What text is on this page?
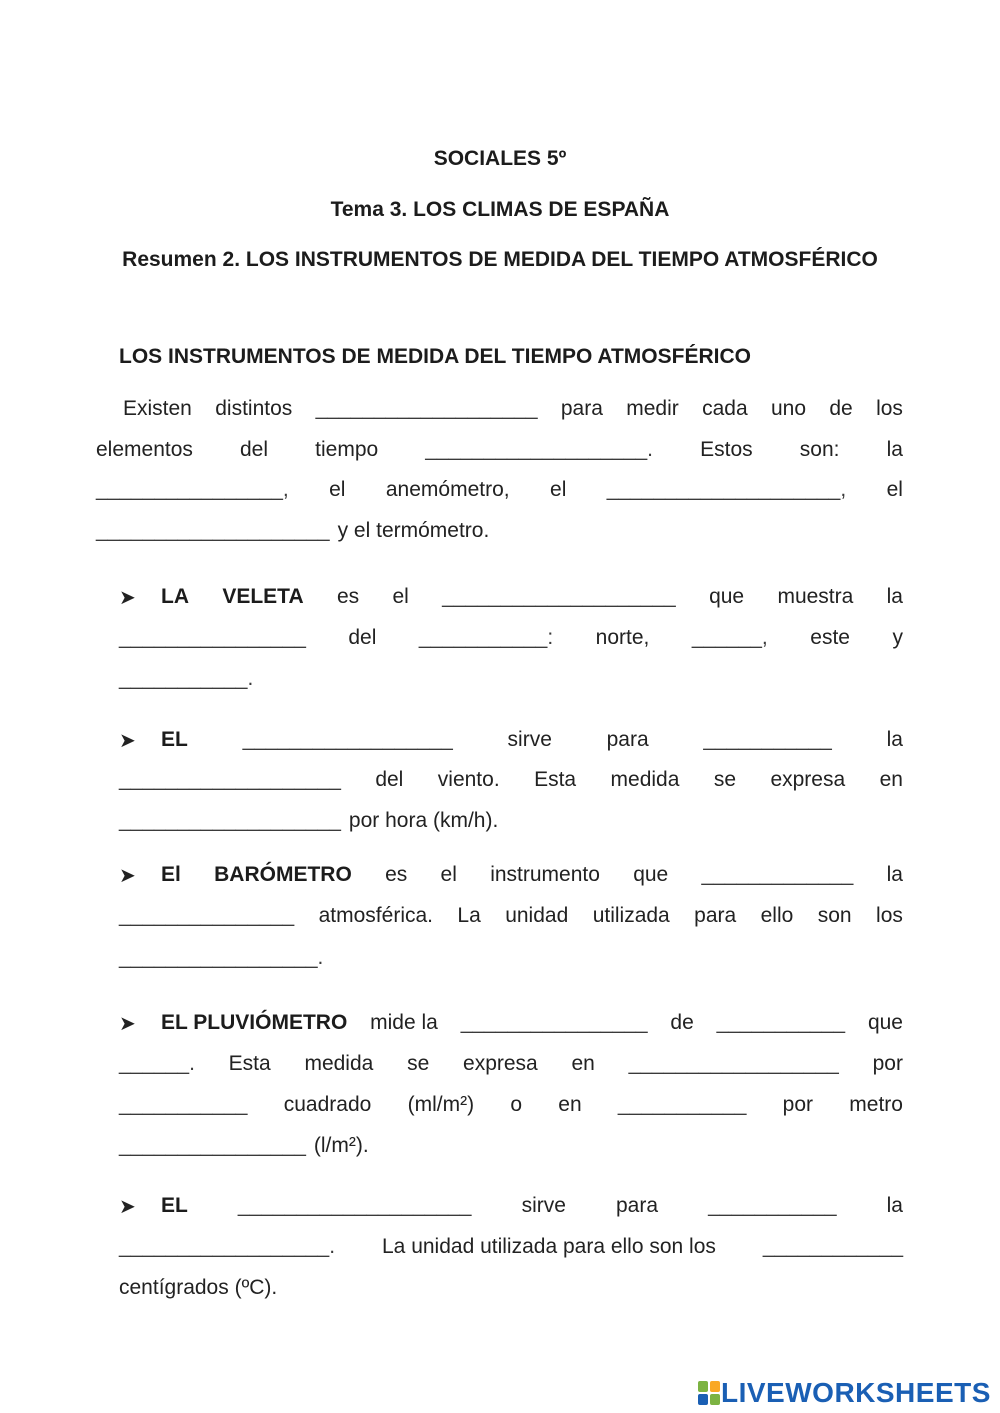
SOCIALES 5º
Tema 3. LOS CLIMAS DE ESPAÑA
Resumen 2. LOS INSTRUMENTOS DE MEDIDA DEL TIEMPO ATMOSFÉRICO
LOS INSTRUMENTOS DE MEDIDA DEL TIEMPO ATMOSFÉRICO
Existen distintos ___________________ para medir cada uno de los
elementos del tiempo ___________________. Estos son: la
________________, el anemómetro, el ____________________, el
____________________ y el termómetro.
➤ LA VELETA es el ____________________ que muestra la
________________ del ___________: norte, ______, este y
___________.
➤ EL	__________________	sirve	para	___________	la
___________________ del viento. Esta medida se expresa en
___________________ por hora (km/h).
➤ El BARÓMETRO es el instrumento que _____________ la
_______________ atmosférica. La unidad utilizada para ello son los
_________________.
➤ EL PLUVIÓMETRO mide la ________________ de ___________ que
______. Esta medida se expresa en __________________ por
___________ cuadrado (ml/m²) o en ___________ por metro
________________ (l/m²).
➤ EL ____________________ sirve para ___________ la
__________________. La unidad utilizada para ello son los ____________
centígrados (ºC).
LIVEWORKSHEETS
